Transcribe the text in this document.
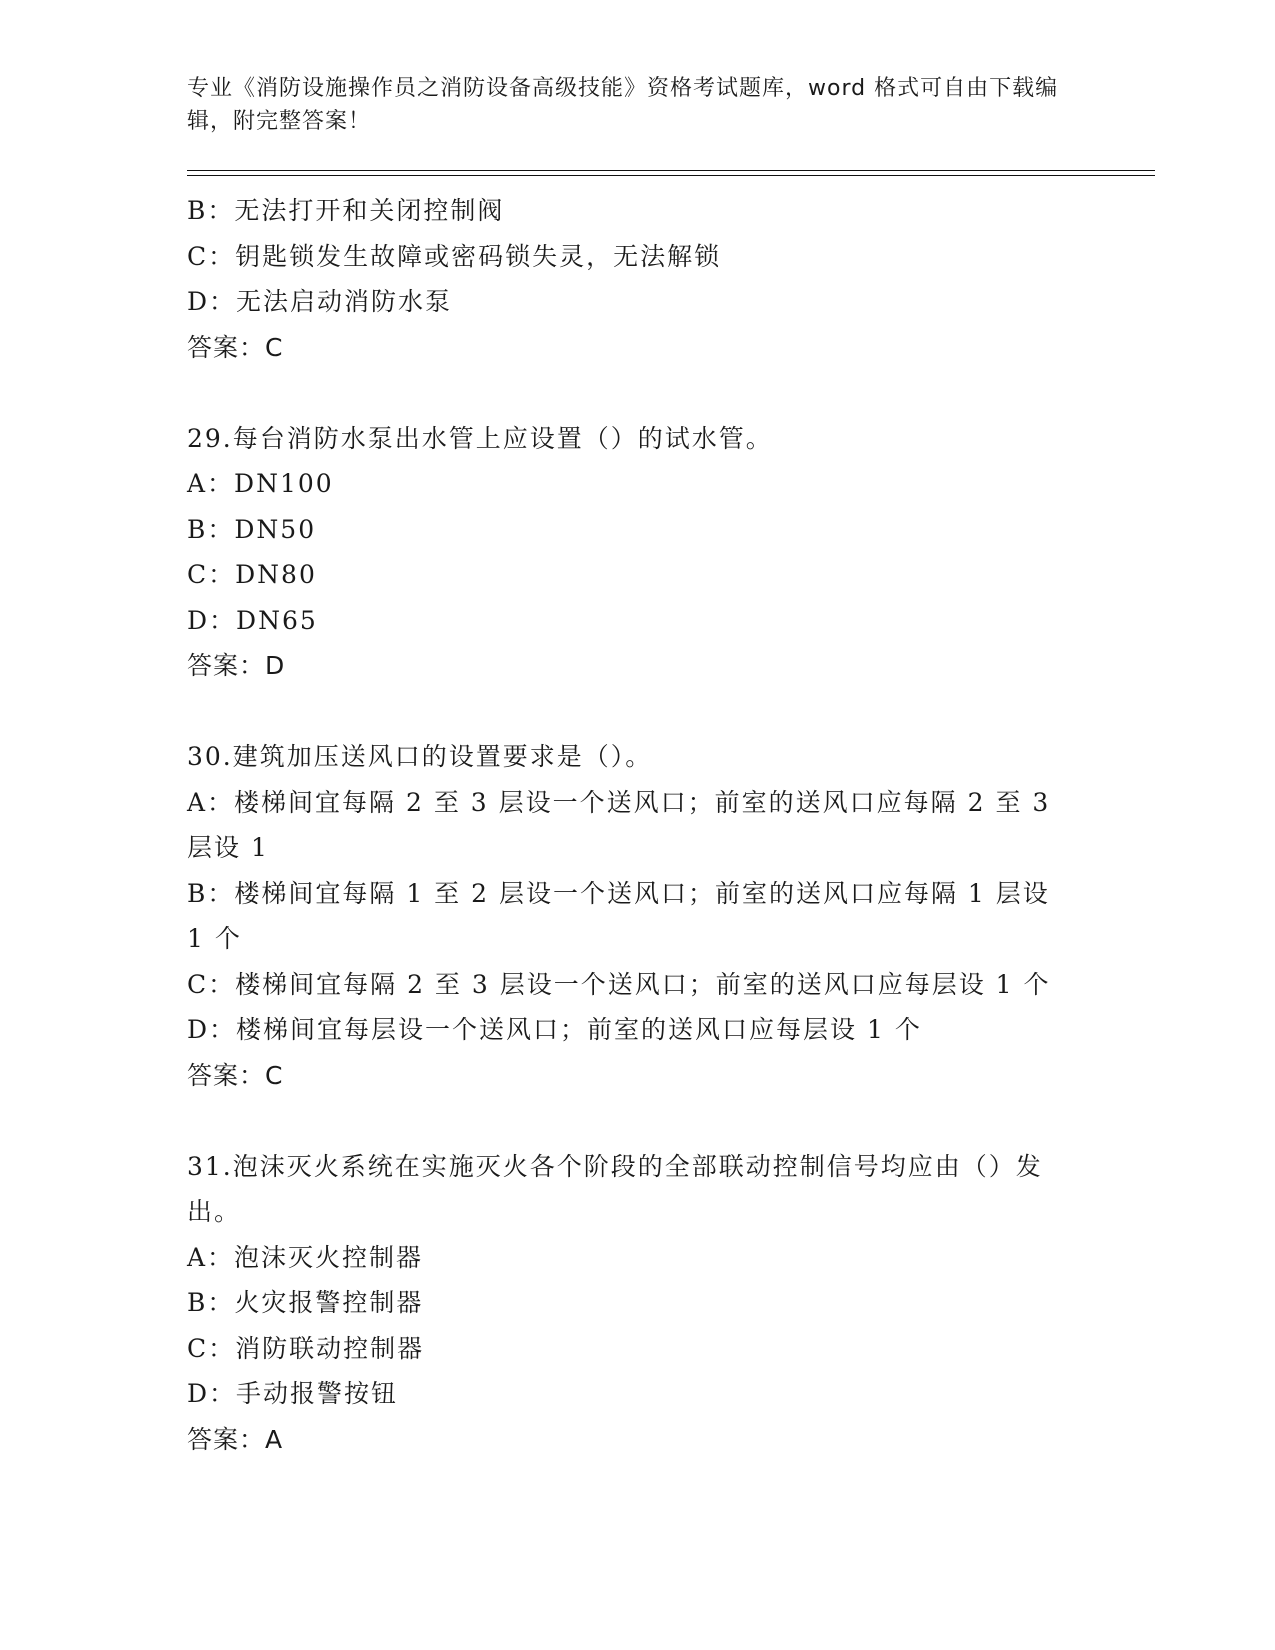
专业《消防设施操作员之消防设备高级技能》资格考试题库，word 格式可自由下载编辑，附完整答案！
B：无法打开和关闭控制阀
C：钥匙锁发生故障或密码锁失灵，无法解锁
D：无法启动消防水泵
答案：C
29.每台消防水泵出水管上应设置（）的试水管。
A：DN100
B：DN50
C：DN80
D：DN65
答案：D
30.建筑加压送风口的设置要求是（）。
A：楼梯间宜每隔 2 至 3 层设一个送风口；前室的送风口应每隔 2 至 3 层设 1
B：楼梯间宜每隔 1 至 2 层设一个送风口；前室的送风口应每隔 1 层设 1 个
C：楼梯间宜每隔 2 至 3 层设一个送风口；前室的送风口应每层设 1 个
D：楼梯间宜每层设一个送风口；前室的送风口应每层设 1 个
答案：C
31.泡沫灭火系统在实施灭火各个阶段的全部联动控制信号均应由（）发出。
A：泡沫灭火控制器
B：火灾报警控制器
C：消防联动控制器
D：手动报警按钮
答案：A
